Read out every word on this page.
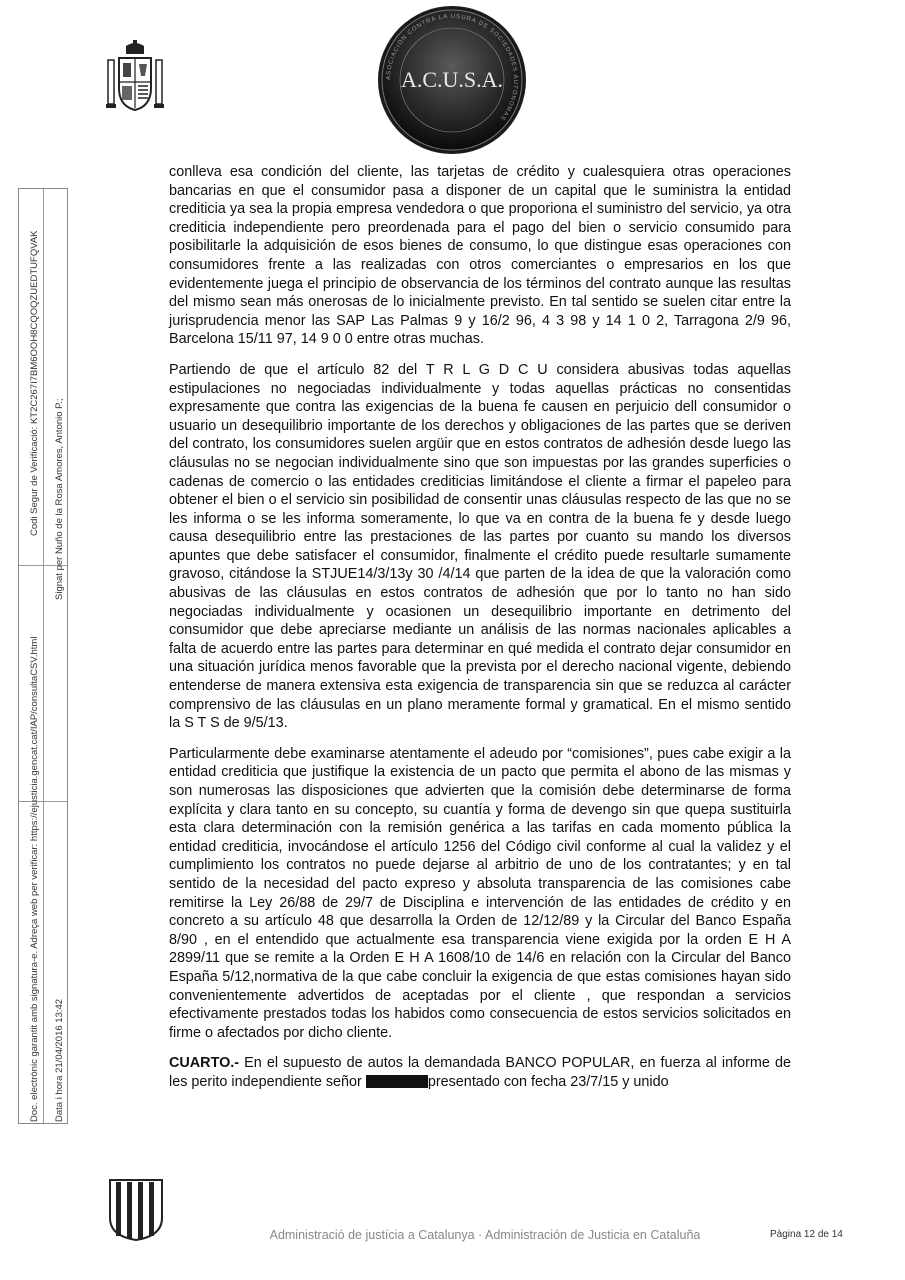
ASOCIACIÓN CONTRA LA USURA DE SOCIEDADES AUTÓNOMAS
A.C.U.S.A.
Doc. electrònic garantit amb signatura-e. Adreça web per verificar: https://ejusticia.gencat.cat/IAP/consultaCSV.html
Codi Segur de Verificació: KT2C267I7BM6OOH8CQOQZUEDTUFQVAK
Data i hora 21/04/2016 13:42
Signat per Nuño de la Rosa Amores, Antonio P.;

conlleva esa condición del cliente, las tarjetas de crédito y cualesquiera otras operaciones bancarias en que el consumidor pasa a disponer de un capital que le suministra la entidad crediticia ya sea la propia empresa vendedora o que proporiona el suministro del servicio, ya otra crediticia independiente pero preordenada para el pago del bien o servicio consumido para posibilitarle la adquisición de esos bienes de consumo, lo que distingue esas operaciones con consumidores frente a las realizadas con otros comerciantes o empresarios en los que evidentemente juega el principio de observancia de los términos del contrato aunque las resultas del mismo sean más onerosas de lo inicialmente previsto. En tal sentido se suelen citar entre la jurisprudencia menor las SAP Las Palmas 9 y 16/2 96, 4 3 98 y 14 1 0 2, Tarragona 2/9 96, Barcelona 15/11 97, 14 9 0 0 entre otras muchas.

Partiendo de que el artículo 82 del T R L G D C U considera abusivas todas aquellas estipulaciones no negociadas individualmente y todas aquellas prácticas no consentidas expresamente que contra las exigencias de la buena fe causen en perjuicio dell consumidor o usuario un desequilibrio importante de los derechos y obligaciones de las partes que se deriven del contrato, los consumidores suelen argüir que en estos contratos de adhesión desde luego las cláusulas no se negocian individualmente sino que son impuestas por las grandes superficies o cadenas de comercio o las entidades crediticias limitándose el cliente a firmar el papeleo para obtener el bien o el servicio sin posibilidad de consentir unas cláusulas respecto de las que no se les informa o se les informa someramente, lo que va en contra de la buena fe y desde luego causa desequilibrio entre las prestaciones de las partes por cuanto su mando los diversos apuntes que debe satisfacer el consumidor, finalmente el crédito puede resultarle sumamente gravoso, citándose la STJUE14/3/13y 30 /4/14 que parten de la idea de que la valoración como abusivas de las cláusulas en estos contratos de adhesión que por lo tanto no han sido negociadas individualmente y ocasionen un desequilibrio importante en detrimento del consumidor que debe apreciarse mediante un análisis de las normas nacionales aplicables a falta de acuerdo entre las partes para determinar en qué medida el contrato dejar consumidor en una situación jurídica menos favorable que la prevista por el derecho nacional vigente, debiendo entenderse de manera extensiva esta exigencia de transparencia sin que se reduzca al carácter comprensivo de las cláusulas en un plano meramente formal y gramatical. En el mismo sentido la S T S de 9/5/13.

Particularmente debe examinarse atentamente el adeudo por “comisiones”, pues cabe exigir a la entidad crediticia que justifique la existencia de un pacto que permita el abono de las mismas y son numerosas las disposiciones que advierten que la comisión debe determinarse de forma explícita y clara tanto en su concepto, su cuantía y forma de devengo sin que quepa sustituirla esta clara determinación con la remisión genérica a las tarifas en cada momento pública la entidad crediticia, invocándose el artículo 1256 del Código civil conforme al cual la validez y el cumplimiento los contratos no puede dejarse al arbitrio de uno de los contratantes; y en tal sentido de la necesidad del pacto expreso y absoluta transparencia de las comisiones cabe remitirse la Ley 26/88 de 29/7 de Disciplina e intervención de las entidades de crédito y en concreto a su artículo 48 que desarrolla la Orden de 12/12/89 y la Circular del Banco España 8/90 , en el entendido que actualmente esa transparencia viene exigida por la orden E H A 2899/11 que se remite a la Orden E H A 1608/10 de 14/6 en relación con la Circular del Banco España 5/12,normativa de la que cabe concluir la exigencia de que estas comisiones hayan sido convenientemente advertidos de aceptadas por el cliente , que respondan a servicios efectivamente prestados todas los habidos como consecuencia de estos servicios solicitados en firme o afectados por dicho cliente.

CUARTO.- En el supuesto de autos la demandada BANCO POPULAR, en fuerza al informe de les perito independiente señor	presentado con fecha 23/7/15 y unido

Administració de justícia a Catalunya · Administración de Justicia en Cataluña	Pàgina 12 de 14
